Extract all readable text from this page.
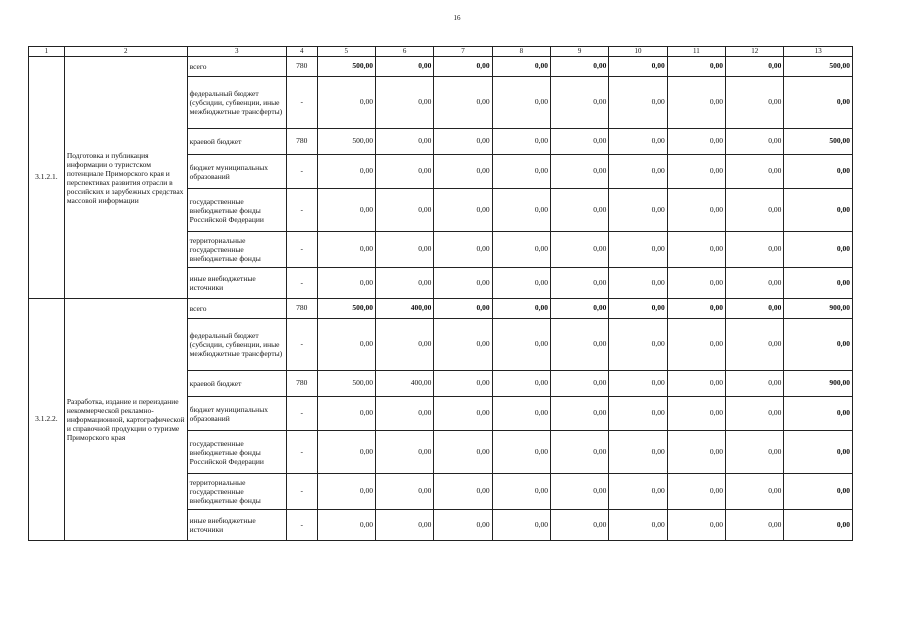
16
1	2	3	4	5	6	7	8	9	10	11	12	13
3.1.2.1.	Подготовка и публикация информации о туристском потенциале Приморского края и перспективах развития отрасли в российских и зарубежных средствах массовой информации	всего	780	500,00	0,00	0,00	0,00	0,00	0,00	0,00	0,00	500,00
		федеральный бюджет (субсидии, субвенции, иные межбюджетные трансферты)	-	0,00	0,00	0,00	0,00	0,00	0,00	0,00	0,00	0,00
		краевой бюджет	780	500,00	0,00	0,00	0,00	0,00	0,00	0,00	0,00	500,00
		бюджет муниципальных образований	-	0,00	0,00	0,00	0,00	0,00	0,00	0,00	0,00	0,00
		государственные внебюджетные фонды Российской Федерации	-	0,00	0,00	0,00	0,00	0,00	0,00	0,00	0,00	0,00
		территориальные государственные внебюджетные фонды	-	0,00	0,00	0,00	0,00	0,00	0,00	0,00	0,00	0,00
		иные внебюджетные источники	-	0,00	0,00	0,00	0,00	0,00	0,00	0,00	0,00	0,00
3.1.2.2.	Разработка, издание и переиздание некоммерческой рекламно-информационной, картографической и справочной продукции о туризме Приморского края	всего	780	500,00	400,00	0,00	0,00	0,00	0,00	0,00	0,00	900,00
		федеральный бюджет (субсидии, субвенции, иные межбюджетные трансферты)	-	0,00	0,00	0,00	0,00	0,00	0,00	0,00	0,00	0,00
		краевой бюджет	780	500,00	400,00	0,00	0,00	0,00	0,00	0,00	0,00	900,00
		бюджет муниципальных образований	-	0,00	0,00	0,00	0,00	0,00	0,00	0,00	0,00	0,00
		государственные внебюджетные фонды Российской Федерации	-	0,00	0,00	0,00	0,00	0,00	0,00	0,00	0,00	0,00
		территориальные государственные внебюджетные фонды	-	0,00	0,00	0,00	0,00	0,00	0,00	0,00	0,00	0,00
		иные внебюджетные источники	-	0,00	0,00	0,00	0,00	0,00	0,00	0,00	0,00	0,00
